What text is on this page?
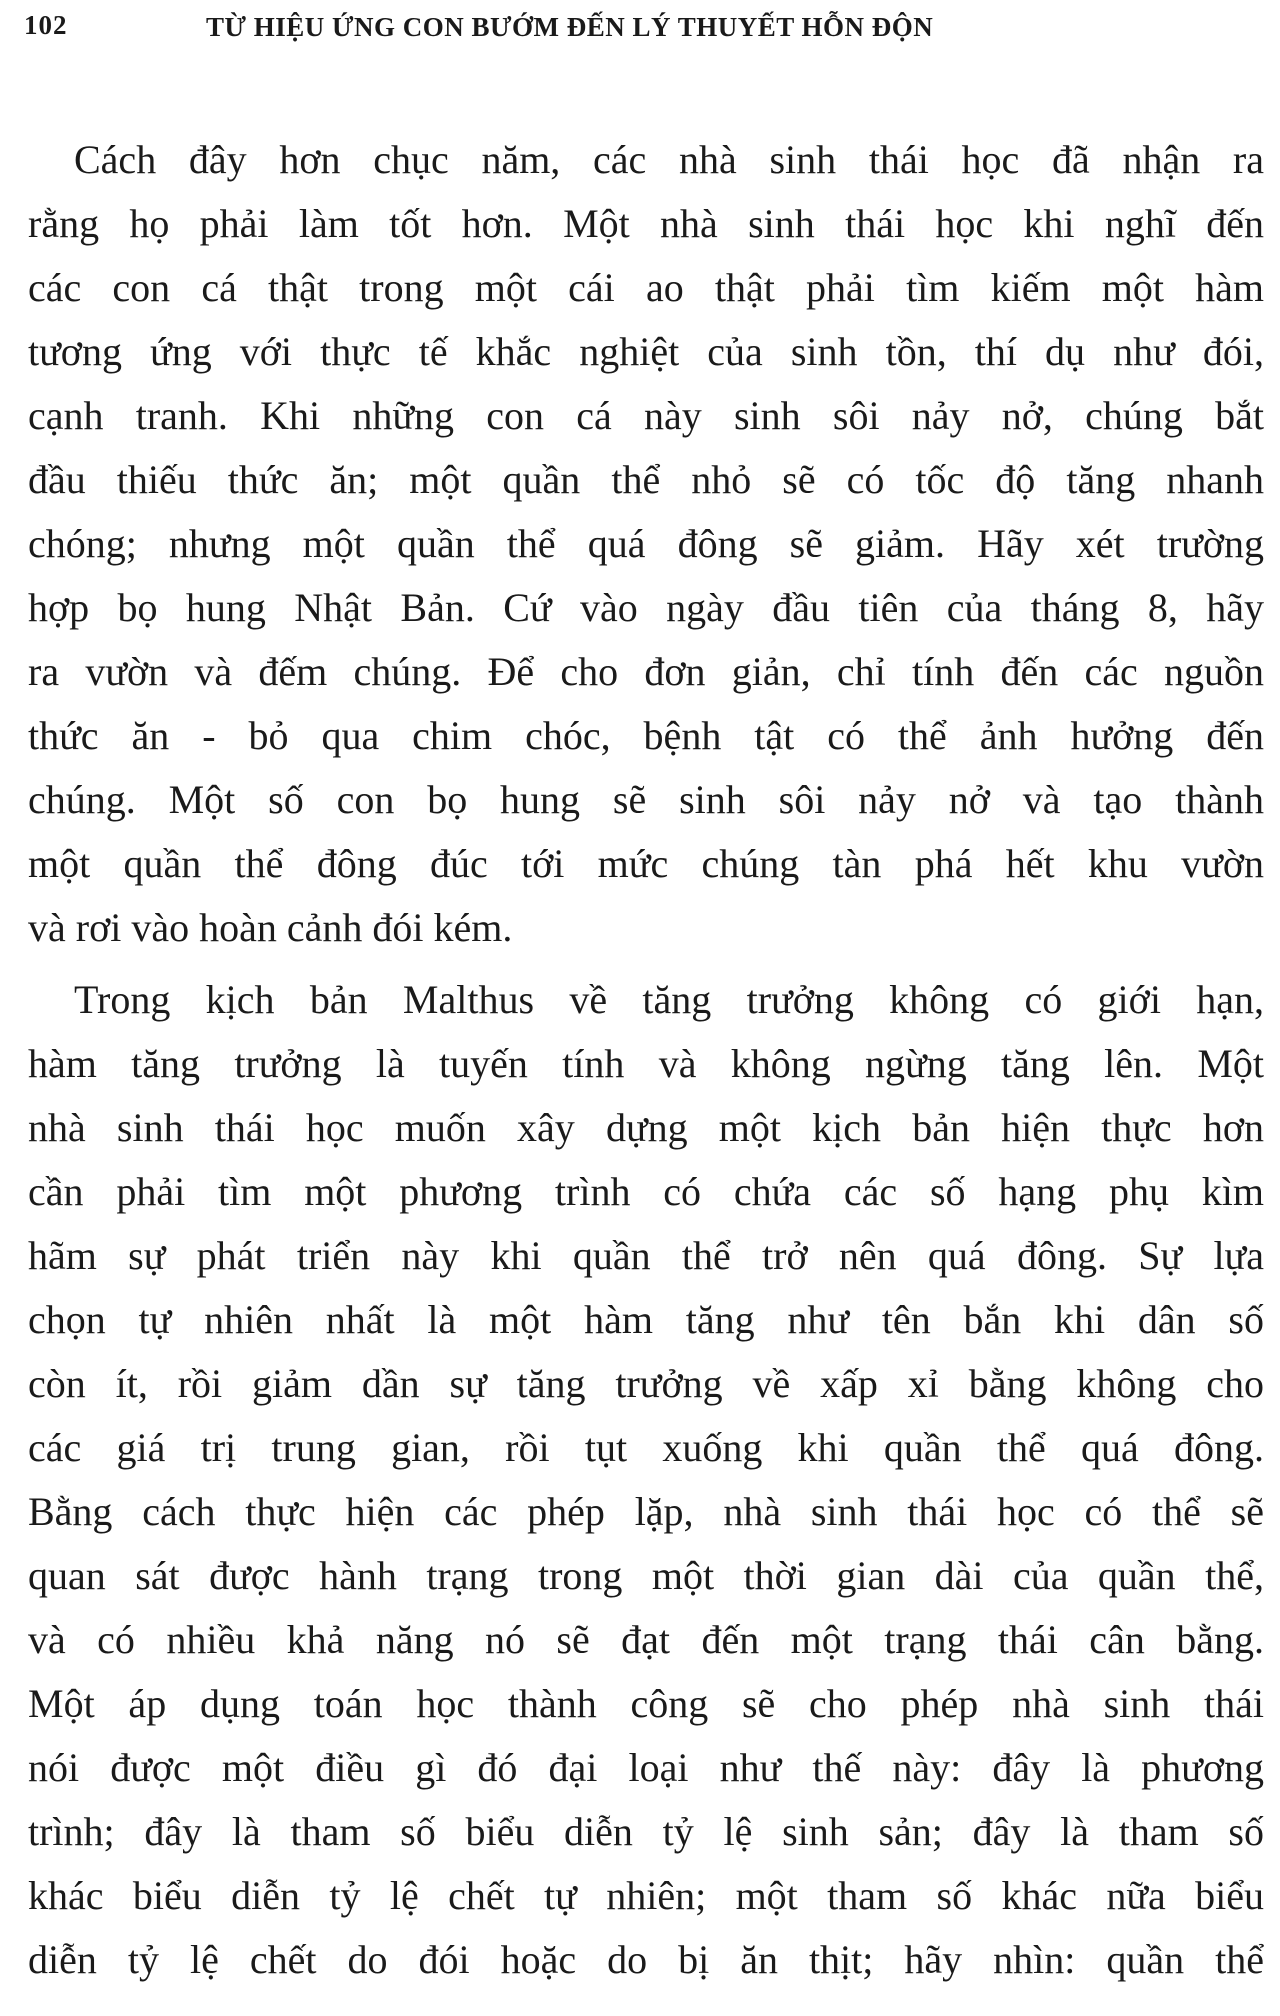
102	TỪ HIỆU ỨNG CON BƯỚM ĐẾN LÝ THUYẾT HỖN ĐỘN
Cách đây hơn chục năm, các nhà sinh thái học đã nhận ra
rằng họ phải làm tốt hơn. Một nhà sinh thái học khi nghĩ đến
các con cá thật trong một cái ao thật phải tìm kiếm một hàm
tương ứng với thực tế khắc nghiệt của sinh tồn, thí dụ như đói,
cạnh tranh. Khi những con cá này sinh sôi nảy nở, chúng bắt
đầu thiếu thức ăn; một quần thể nhỏ sẽ có tốc độ tăng nhanh
chóng; nhưng một quần thể quá đông sẽ giảm. Hãy xét trường
hợp bọ hung Nhật Bản. Cứ vào ngày đầu tiên của tháng 8, hãy
ra vườn và đếm chúng. Để cho đơn giản, chỉ tính đến các nguồn
thức ăn - bỏ qua chim chóc, bệnh tật có thể ảnh hưởng đến
chúng. Một số con bọ hung sẽ sinh sôi nảy nở và tạo thành
một quần thể đông đúc tới mức chúng tàn phá hết khu vườn
và rơi vào hoàn cảnh đói kém.
Trong kịch bản Malthus về tăng trưởng không có giới hạn,
hàm tăng trưởng là tuyến tính và không ngừng tăng lên. Một
nhà sinh thái học muốn xây dựng một kịch bản hiện thực hơn
cần phải tìm một phương trình có chứa các số hạng phụ kìm
hãm sự phát triển này khi quần thể trở nên quá đông. Sự lựa
chọn tự nhiên nhất là một hàm tăng như tên bắn khi dân số
còn ít, rồi giảm dần sự tăng trưởng về xấp xỉ bằng không cho
các giá trị trung gian, rồi tụt xuống khi quần thể quá đông.
Bằng cách thực hiện các phép lặp, nhà sinh thái học có thể sẽ
quan sát được hành trạng trong một thời gian dài của quần thể,
và có nhiều khả năng nó sẽ đạt đến một trạng thái cân bằng.
Một áp dụng toán học thành công sẽ cho phép nhà sinh thái
nói được một điều gì đó đại loại như thế này: đây là phương
trình; đây là tham số biểu diễn tỷ lệ sinh sản; đây là tham số
khác biểu diễn tỷ lệ chết tự nhiên; một tham số khác nữa biểu
diễn tỷ lệ chết do đói hoặc do bị ăn thịt; hãy nhìn: quần thể
